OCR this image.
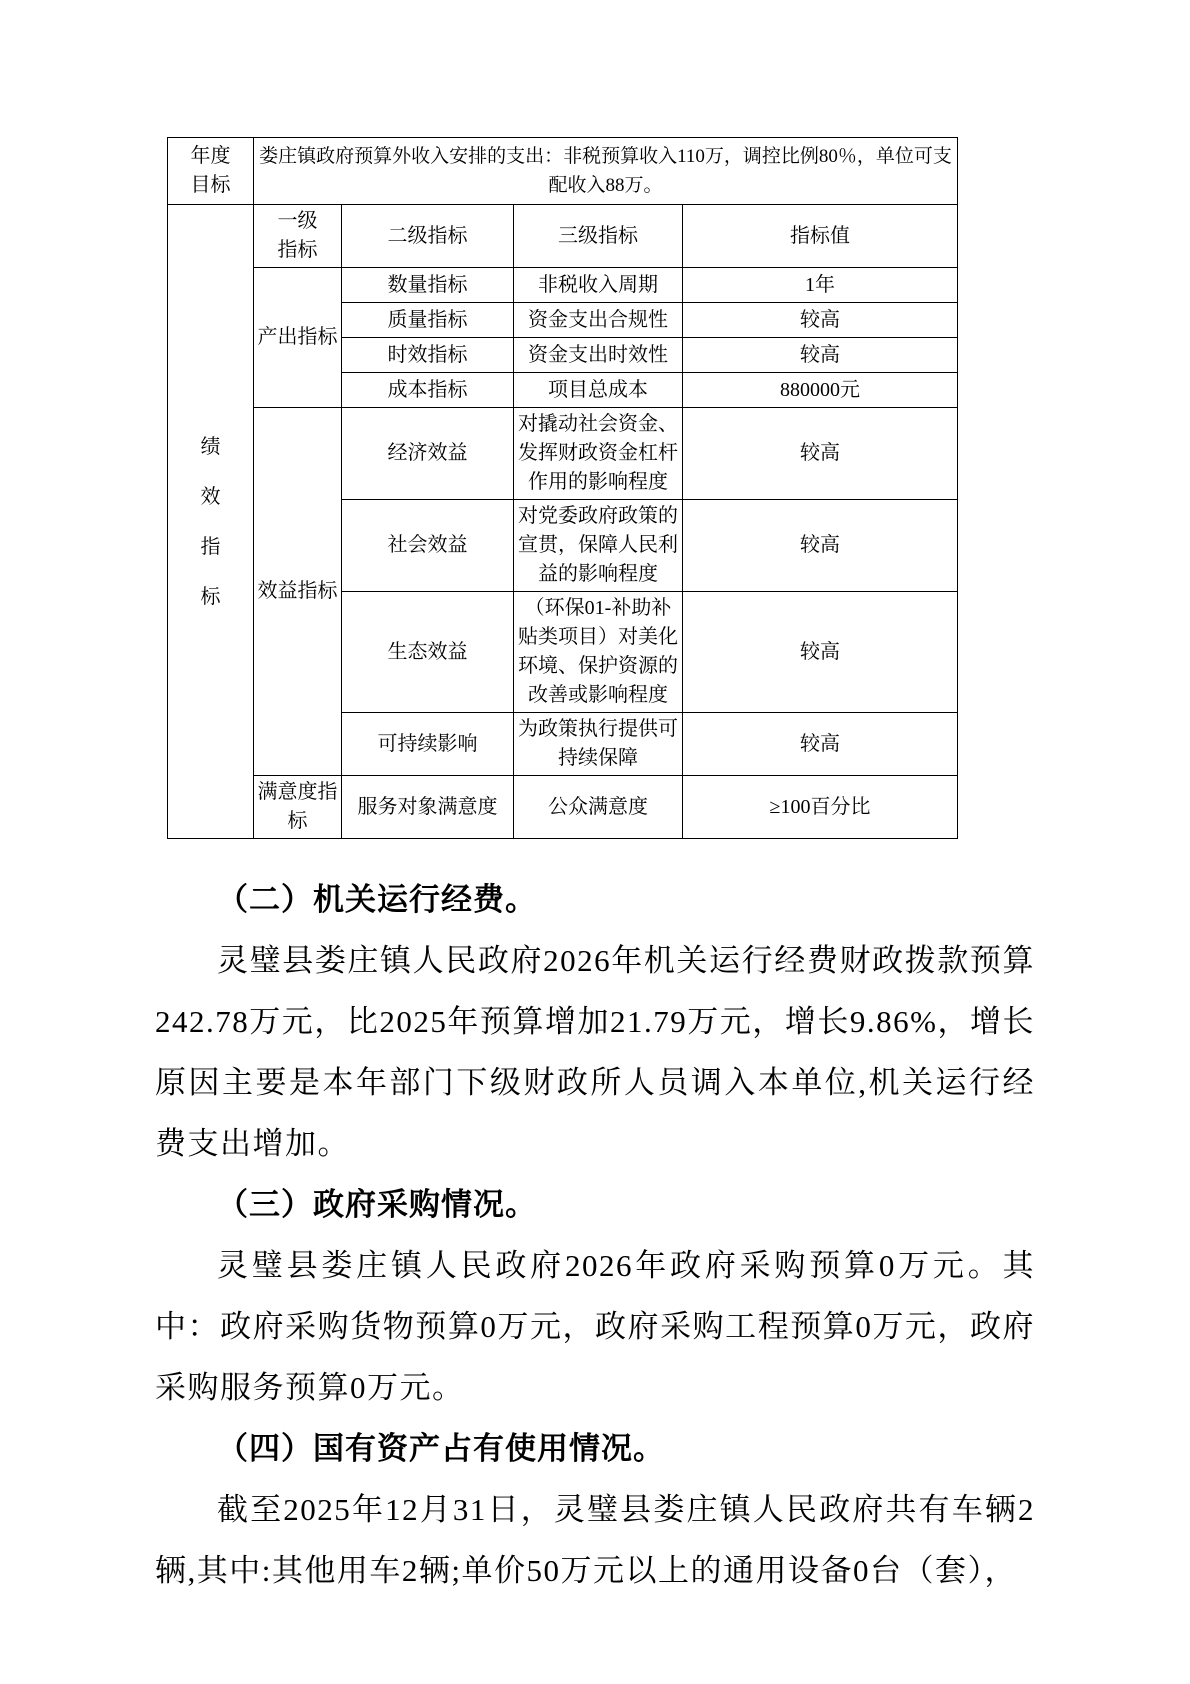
年度目标	娄庄镇政府预算外收入安排的支出：非税预算收入110万，调控比例80％，单位可支配收入88万。			
绩效指标	一级指标	二级指标	三级指标	指标值
	产出指标	数量指标	非税收入周期	1年
		质量指标	资金支出合规性	较高
		时效指标	资金支出时效性	较高
		成本指标	项目总成本	880000元
	效益指标	经济效益	对撬动社会资金、发挥财政资金杠杆作用的影响程度	较高
		社会效益	对党委政府政策的宣贯，保障人民利益的影响程度	较高
		生态效益	（环保01-补助补贴类项目）对美化环境、保护资源的改善或影响程度	较高
		可持续影响	为政策执行提供可持续保障	较高
	满意度指标	服务对象满意度	公众满意度	≥100百分比
（二）机关运行经费。

灵璧县娄庄镇人民政府2026年机关运行经费财政拨款预算242.78万元，比2025年预算增加21.79万元，增长9.86%，增长原因主要是本年部门下级财政所人员调入本单位,机关运行经费支出增加。

（三）政府采购情况。

灵璧县娄庄镇人民政府2026年政府采购预算0万元。其中：政府采购货物预算0万元，政府采购工程预算0万元，政府采购服务预算0万元。

（四）国有资产占有使用情况。

截至2025年12月31日，灵璧县娄庄镇人民政府共有车辆2辆,其中:其他用车2辆;单价50万元以上的通用设备0台（套），
